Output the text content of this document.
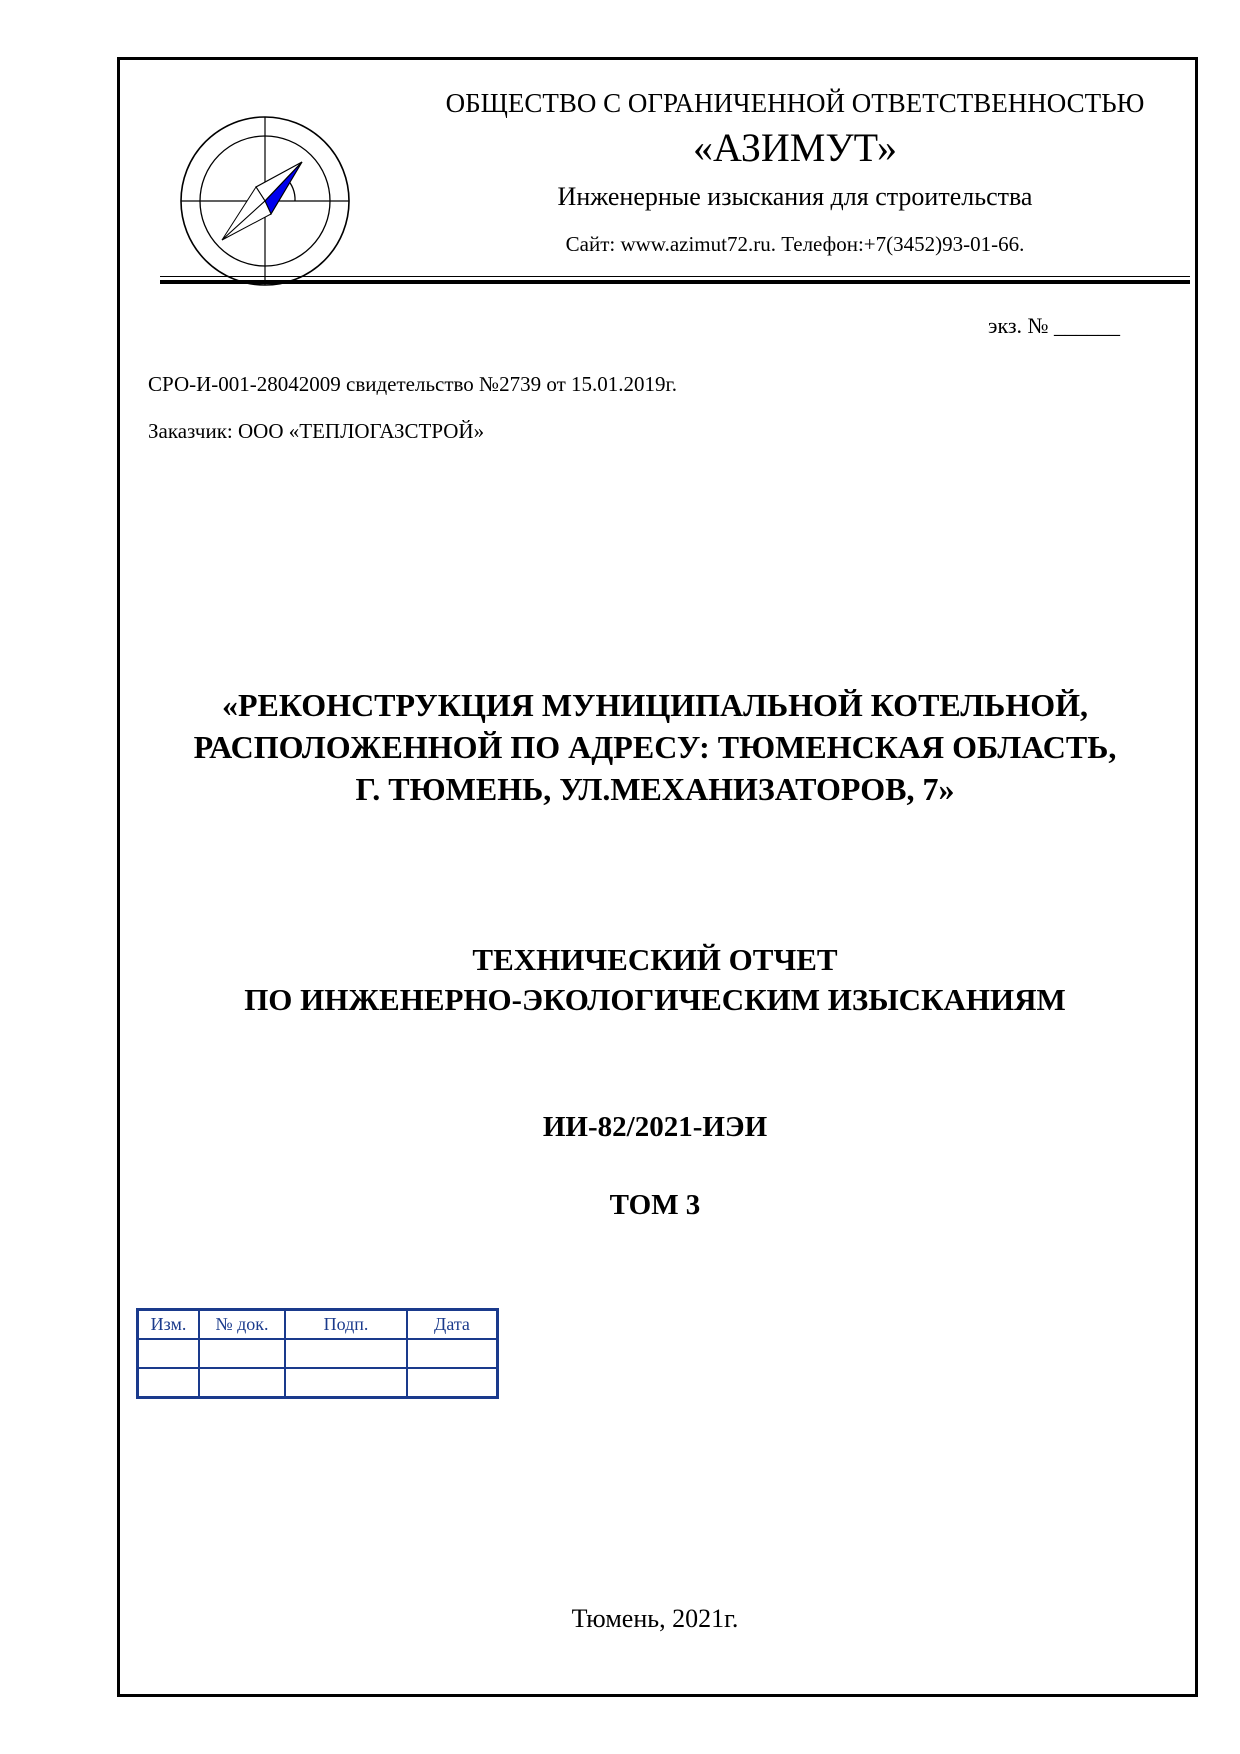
ОБЩЕСТВО С ОГРАНИЧЕННОЙ ОТВЕТСТВЕННОСТЬЮ
«АЗИМУТ»
Инженерные изыскания для строительства
Сайт: www.azimut72.ru. Телефон:+7(3452)93-01-66.
экз. № ______
СРО-И-001-28042009 свидетельство №2739 от 15.01.2019г.
Заказчик: ООО «ТЕПЛОГАЗСТРОЙ»
«РЕКОНСТРУКЦИЯ МУНИЦИПАЛЬНОЙ КОТЕЛЬНОЙ,
РАСПОЛОЖЕННОЙ ПО АДРЕСУ: ТЮМЕНСКАЯ ОБЛАСТЬ,
Г. ТЮМЕНЬ, УЛ.МЕХАНИЗАТОРОВ, 7»
ТЕХНИЧЕСКИЙ ОТЧЕТ
ПО ИНЖЕНЕРНО-ЭКОЛОГИЧЕСКИМ ИЗЫСКАНИЯМ
ИИ-82/2021-ИЭИ
ТОМ 3
Изм.	№ док.	Подп.	Дата

Тюмень, 2021г.
